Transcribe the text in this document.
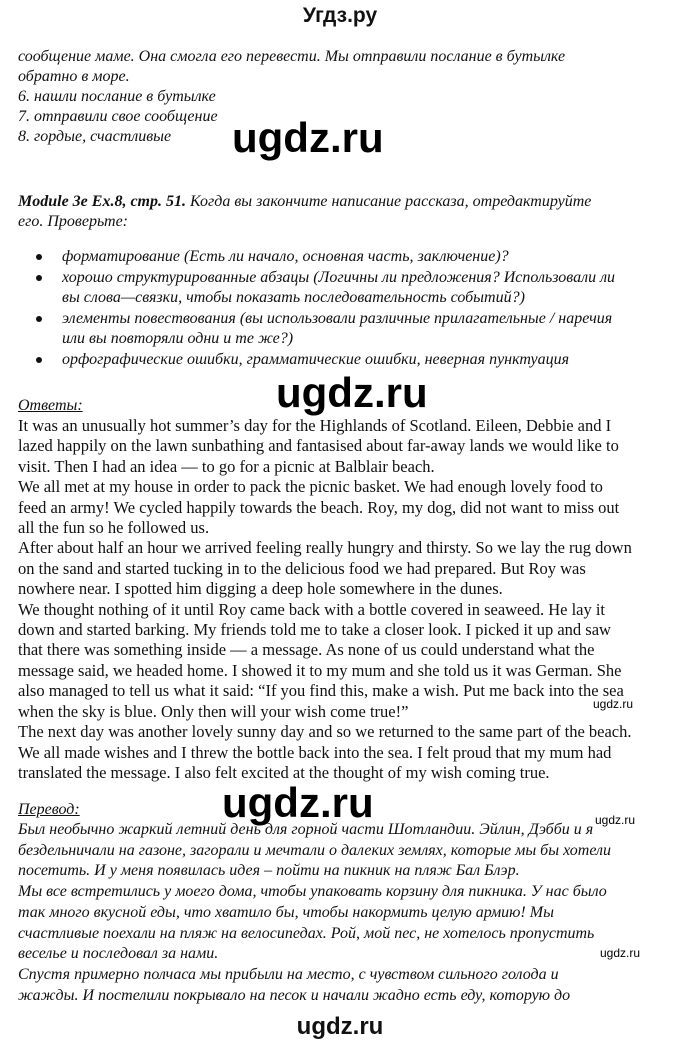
Угдз.ру
сообщение маме. Она смогла его перевести. Мы отправили послание в бутылке
обратно в море.
6. нашли послание в бутылке
7. отправили свое сообщение
8. гордые, счастливые
Module 3e Ex.8, стр. 51. Когда вы закончите написание рассказа, отредактируйте
его. Проверьте:
форматирование (Есть ли начало, основная часть, заключение)?
хорошо структурированные абзацы (Логичны ли предложения? Использовали ли
вы слова—связки, чтобы показать последовательность событий?)
элементы повествования (вы использовали различные прилагательные / наречия
или вы повторяли одни и те же?)
орфографические ошибки, грамматические ошибки, неверная пунктуация
Ответы:
It was an unusually hot summer’s day for the Highlands of Scotland. Eileen, Debbie and I
lazed happily on the lawn sunbathing and fantasised about far-away lands we would like to
visit. Then I had an idea — to go for a picnic at Balblair beach.
We all met at my house in order to pack the picnic basket. We had enough lovely food to
feed an army! We cycled happily towards the beach. Roy, my dog, did not want to miss out
all the fun so he followed us.
After about half an hour we arrived feeling really hungry and thirsty. So we lay the rug down
on the sand and started tucking in to the delicious food we had prepared. But Roy was
nowhere near. I spotted him digging a deep hole somewhere in the dunes.
We thought nothing of it until Roy came back with a bottle covered in seaweed. He lay it
down and started barking. My friends told me to take a closer look. I picked it up and saw
that there was something inside — a message. As none of us could understand what the
message said, we headed home. I showed it to my mum and she told us it was German. She
also managed to tell us what it said: “If you find this, make a wish. Put me back into the sea
when the sky is blue. Only then will your wish come true!”
The next day was another lovely sunny day and so we returned to the same part of the beach.
We all made wishes and I threw the bottle back into the sea. I felt proud that my mum had
translated the message. I also felt excited at the thought of my wish coming true.
Перевод:
Был необычно жаркий летний день для горной части Шотландии. Эйлин, Дэбби и я
бездельничали на газоне, загорали и мечтали о далеких землях, которые мы бы хотели
посетить. И у меня появилась идея – пойти на пикник на пляж Бал Блэр.
Мы все встретились у моего дома, чтобы упаковать корзину для пикника. У нас было
так много вкусной еды, что хватило бы, чтобы накормить целую армию! Мы
счастливые поехали на пляж на велосипедах. Рой, мой пес, не хотелось пропустить
веселье и последовал за нами.
Спустя примерно полчаса мы прибыли на место, с чувством сильного голода и
жажды. И постелили покрывало на песок и начали жадно есть еду, которую до
ugdz.ru
ugdz.ru
ugdz.ru
ugdz.ru
ugdz.ru
ugdz.ru
ugdz.ru
